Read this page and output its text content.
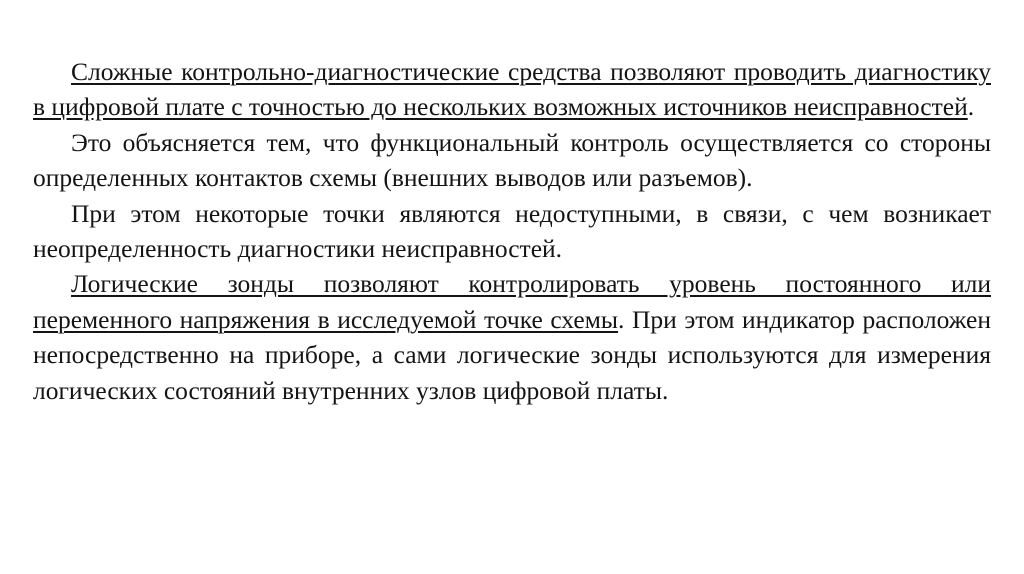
Сложные контрольно-диагностические средства позволяют проводить диагностику в цифровой плате с точностью до нескольких возможных источников неисправностей.

Это объясняется тем, что функциональный контроль осуществляется со стороны определенных контактов схемы (внешних выводов или разъемов).

При этом некоторые точки являются недоступными, в связи, с чем возникает неопределенность диагностики неисправностей.

Логические зонды позволяют контролировать уровень постоянного или переменного напряжения в исследуемой точке схемы. При этом индикатор расположен непосредственно на приборе, а сами логические зонды используются для измерения логических состояний внутренних узлов цифровой платы.
